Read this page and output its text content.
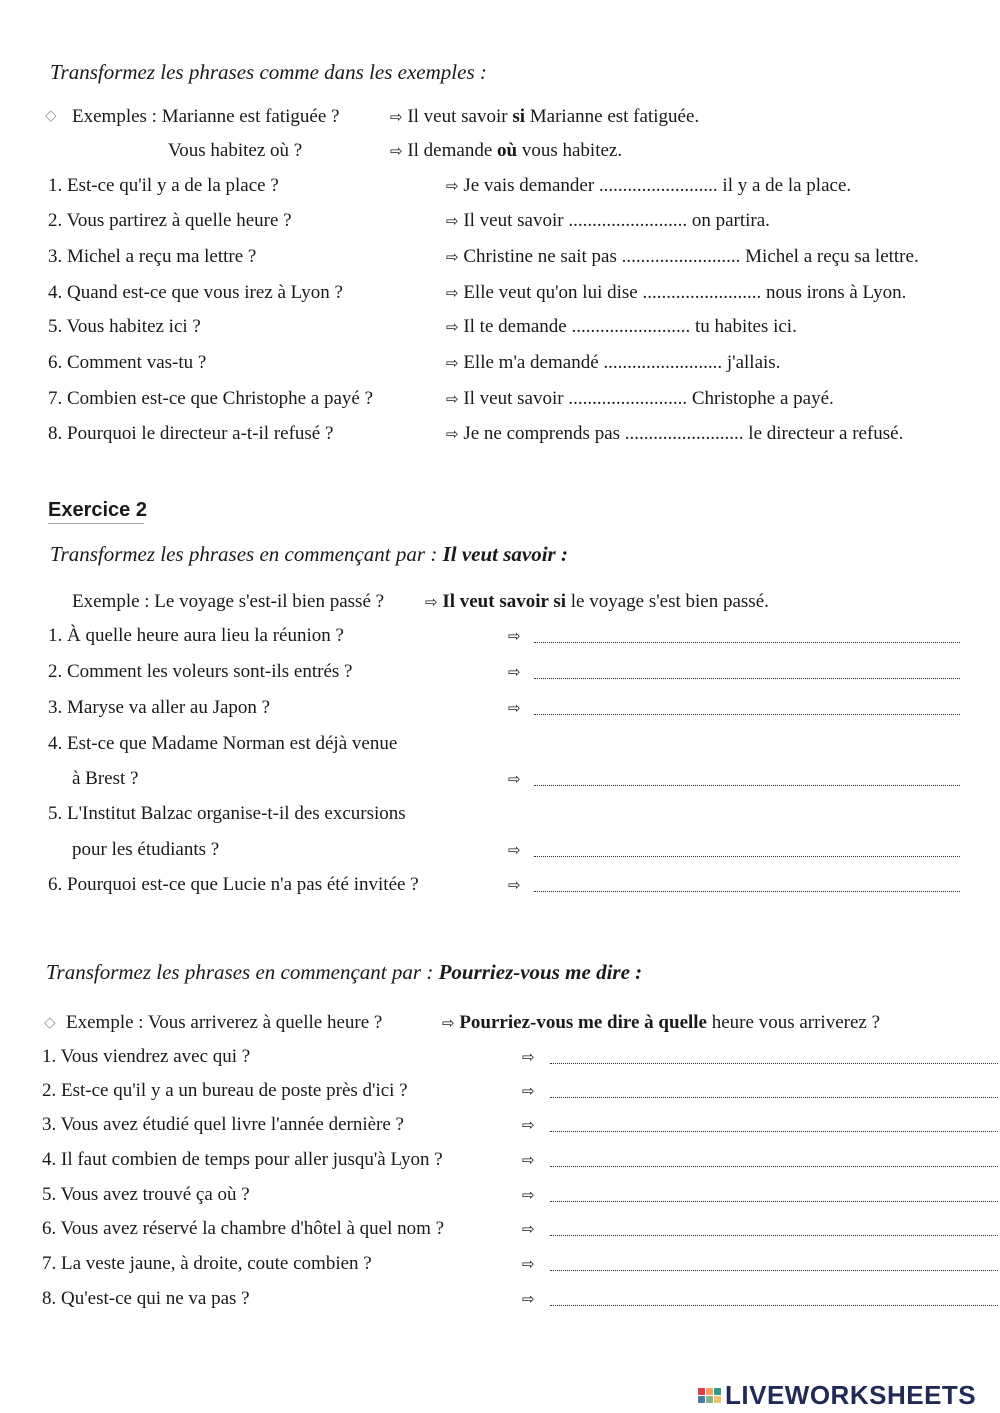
Transformez les phrases comme dans les exemples :
◇ Exemples : Marianne est fatiguée ?	⇨ Il veut savoir si Marianne est fatiguée.
Vous habitez où ?	⇨ Il demande où vous habitez.
1. Est-ce qu'il y a de la place ?	⇨ Je vais demander ......................... il y a de la place.
2. Vous partirez à quelle heure ?	⇨ Il veut savoir ......................... on partira.
3. Michel a reçu ma lettre ?	⇨ Christine ne sait pas ......................... Michel a reçu sa lettre.
4. Quand est-ce que vous irez à Lyon ?	⇨ Elle veut qu'on lui dise ......................... nous irons à Lyon.
5. Vous habitez ici ?	⇨ Il te demande ......................... tu habites ici.
6. Comment vas-tu ?	⇨ Elle m'a demandé ......................... j'allais.
7. Combien est-ce que Christophe a payé ?	⇨ Il veut savoir ......................... Christophe a payé.
8. Pourquoi le directeur a-t-il refusé ?	⇨ Je ne comprends pas ......................... le directeur a refusé.
Exercice 2
Transformez les phrases en commençant par : Il veut savoir :
Exemple : Le voyage s'est-il bien passé ?	⇨ Il veut savoir si le voyage s'est bien passé.
1. À quelle heure aura lieu la réunion ?	⇨
2. Comment les voleurs sont-ils entrés ?	⇨
3. Maryse va aller au Japon ?	⇨
4. Est-ce que Madame Norman est déjà venue
à Brest ?	⇨
5. L'Institut Balzac organise-t-il des excursions
pour les étudiants ?	⇨
6. Pourquoi est-ce que Lucie n'a pas été invitée ?	⇨
Transformez les phrases en commençant par : Pourriez-vous me dire :
◇ Exemple : Vous arriverez à quelle heure ?	⇨ Pourriez-vous me dire à quelle heure vous arriverez ?
1. Vous viendrez avec qui ?	⇨
2. Est-ce qu'il y a un bureau de poste près d'ici ?	⇨
3. Vous avez étudié quel livre l'année dernière ?	⇨
4. Il faut combien de temps pour aller jusqu'à Lyon ?	⇨
5. Vous avez trouvé ça où ?	⇨
6. Vous avez réservé la chambre d'hôtel à quel nom ?	⇨
7. La veste jaune, à droite, coute combien ?	⇨
8. Qu'est-ce qui ne va pas ?	⇨
LIVEWORKSHEETS
